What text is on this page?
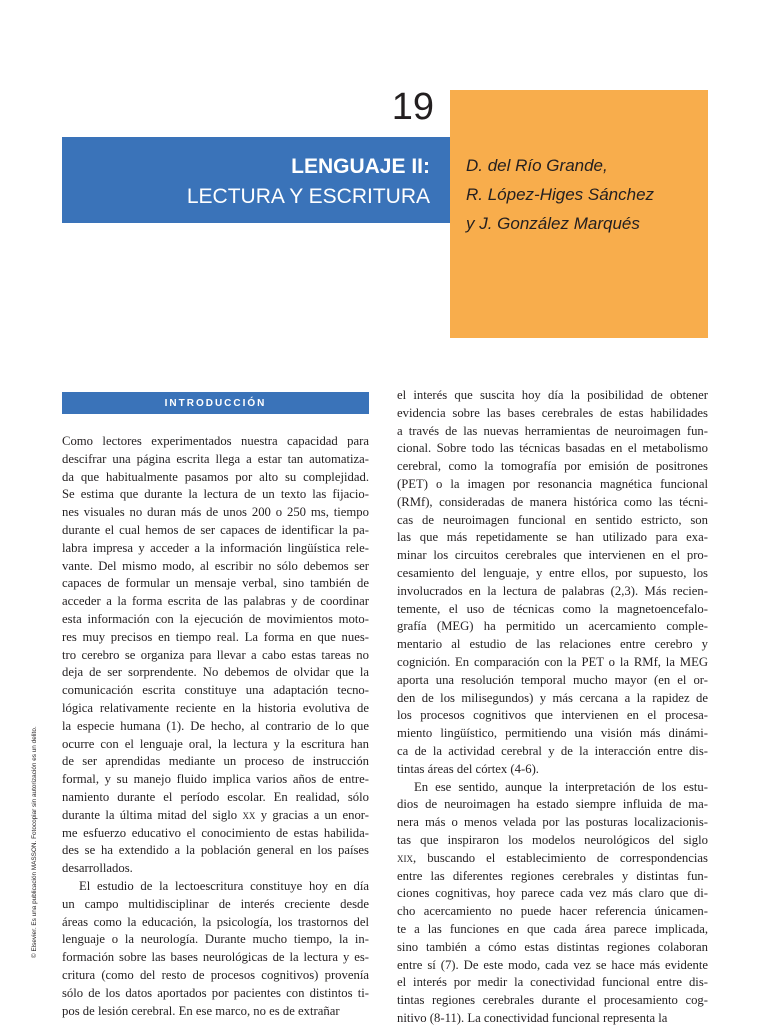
19
LENGUAJE II:
LECTURA Y ESCRITURA
D. del Río Grande,
R. López-Higes Sánchez
y J. González Marqués
INTRODUCCIÓN
Como lectores experimentados nuestra capacidad para
descifrar una página escrita llega a estar tan automatiza-
da que habitualmente pasamos por alto su complejidad.
Se estima que durante la lectura de un texto las fijacio-
nes visuales no duran más de unos 200 o 250 ms, tiempo
durante el cual hemos de ser capaces de identificar la pa-
labra impresa y acceder a la información lingüística rele-
vante. Del mismo modo, al escribir no sólo debemos ser
capaces de formular un mensaje verbal, sino también de
acceder a la forma escrita de las palabras y de coordinar
esta información con la ejecución de movimientos moto-
res muy precisos en tiempo real. La forma en que nues-
tro cerebro se organiza para llevar a cabo estas tareas no
deja de ser sorprendente. No debemos de olvidar que la
comunicación escrita constituye una adaptación tecno-
lógica relativamente reciente en la historia evolutiva de
la especie humana (1). De hecho, al contrario de lo que
ocurre con el lenguaje oral, la lectura y la escritura han
de ser aprendidas mediante un proceso de instrucción
formal, y su manejo fluido implica varios años de entre-
namiento durante el período escolar. En realidad, sólo
durante la última mitad del siglo xx y gracias a un enor-
me esfuerzo educativo el conocimiento de estas habilida-
des se ha extendido a la población general en los países
desarrollados.
El estudio de la lectoescritura constituye hoy en día
un campo multidisciplinar de interés creciente desde
áreas como la educación, la psicología, los trastornos del
lenguaje o la neurología. Durante mucho tiempo, la in-
formación sobre las bases neurológicas de la lectura y es-
critura (como del resto de procesos cognitivos) provenía
sólo de los datos aportados por pacientes con distintos ti-
pos de lesión cerebral. En ese marco, no es de extrañar
el interés que suscita hoy día la posibilidad de obtener
evidencia sobre las bases cerebrales de estas habilidades
a través de las nuevas herramientas de neuroimagen fun-
cional. Sobre todo las técnicas basadas en el metabolismo
cerebral, como la tomografía por emisión de positrones
(PET) o la imagen por resonancia magnética funcional
(RMf), consideradas de manera histórica como las técni-
cas de neuroimagen funcional en sentido estricto, son
las que más repetidamente se han utilizado para exa-
minar los circuitos cerebrales que intervienen en el pro-
cesamiento del lenguaje, y entre ellos, por supuesto, los
involucrados en la lectura de palabras (2,3). Más recien-
temente, el uso de técnicas como la magnetoencefalo-
grafía (MEG) ha permitido un acercamiento comple-
mentario al estudio de las relaciones entre cerebro y
cognición. En comparación con la PET o la RMf, la MEG
aporta una resolución temporal mucho mayor (en el or-
den de los milisegundos) y más cercana a la rapidez de
los procesos cognitivos que intervienen en el procesa-
miento lingüístico, permitiendo una visión más dinámi-
ca de la actividad cerebral y de la interacción entre dis-
tintas áreas del córtex (4-6).
En ese sentido, aunque la interpretación de los estu-
dios de neuroimagen ha estado siempre influida de ma-
nera más o menos velada por las posturas localizacionis-
tas que inspiraron los modelos neurológicos del siglo
xix, buscando el establecimiento de correspondencias
entre las diferentes regiones cerebrales y distintas fun-
ciones cognitivas, hoy parece cada vez más claro que di-
cho acercamiento no puede hacer referencia únicamen-
te a las funciones en que cada área parece implicada,
sino también a cómo estas distintas regiones colaboran
entre sí (7). De este modo, cada vez se hace más evidente
el interés por medir la conectividad funcional entre dis-
tintas regiones cerebrales durante el procesamiento cog-
nitivo (8-11). La conectividad funcional representa la
© Elsevier. Es una publicación MASSON. Fotocopiar sin autorización es un delito.
